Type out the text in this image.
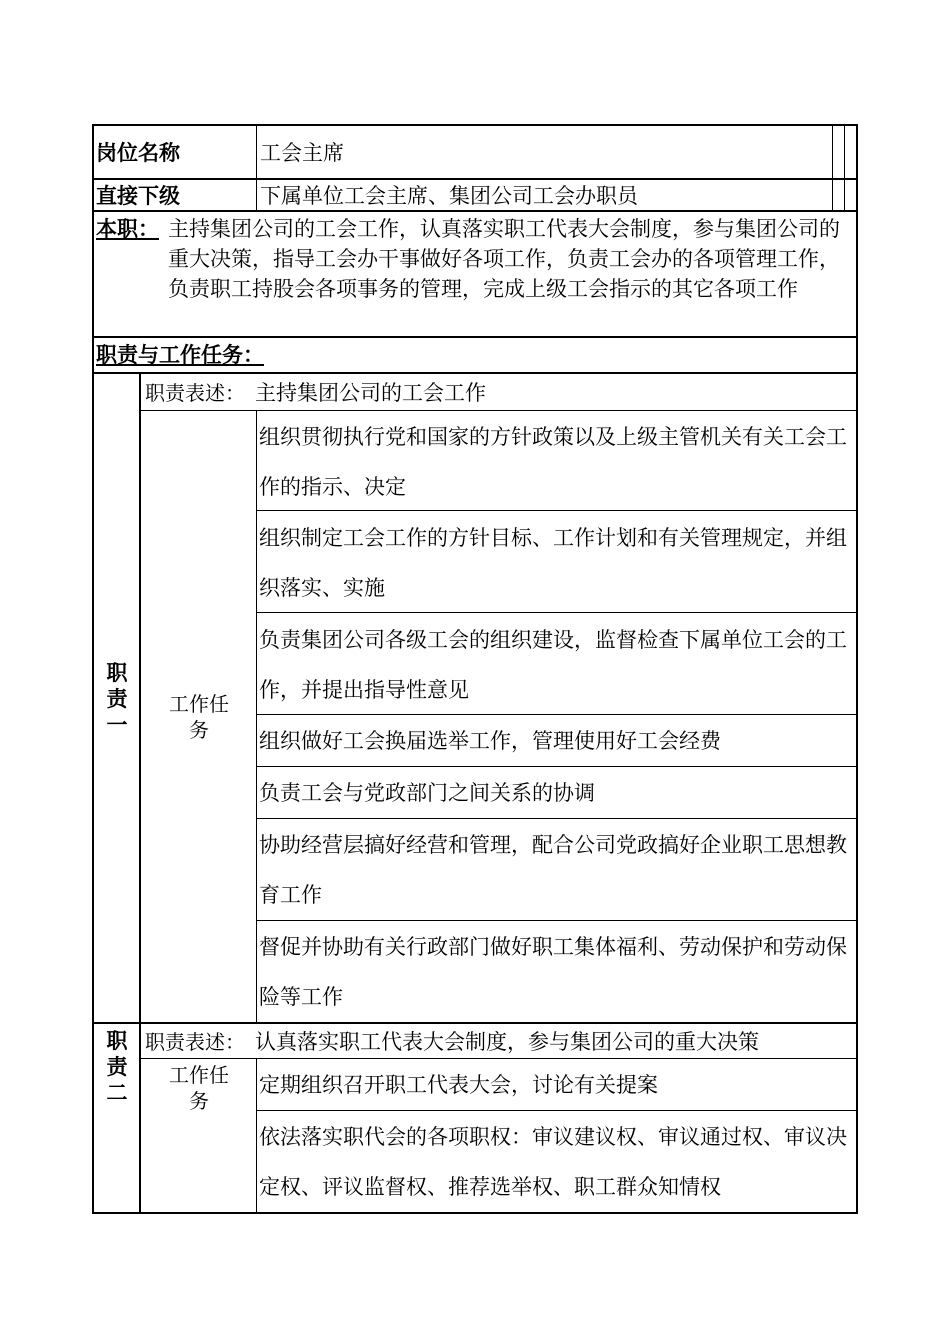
岗位名称	工会主席
直接下级	下属单位工会主席、集团公司工会办职员
本职： 主持集团公司的工会工作，认真落实职工代表大会制度，参与集团公司的重大决策，指导工会办干事做好各项工作，负责工会办的各项管理工作，负责职工持股会各项事务的管理，完成上级工会指示的其它各项工作
职责与工作任务：
职责一
职责表述： 主持集团公司的工会工作
工作任务
组织贯彻执行党和国家的方针政策以及上级主管机关有关工会工作的指示、决定
组织制定工会工作的方针目标、工作计划和有关管理规定，并组织落实、实施
负责集团公司各级工会的组织建设，监督检查下属单位工会的工作，并提出指导性意见
组织做好工会换届选举工作，管理使用好工会经费
负责工会与党政部门之间关系的协调
协助经营层搞好经营和管理，配合公司党政搞好企业职工思想教育工作
督促并协助有关行政部门做好职工集体福利、劳动保护和劳动保险等工作
职责二
职责表述： 认真落实职工代表大会制度，参与集团公司的重大决策
工作任务
定期组织召开职工代表大会，讨论有关提案
依法落实职代会的各项职权：审议建议权、审议通过权、审议决定权、评议监督权、推荐选举权、职工群众知情权
